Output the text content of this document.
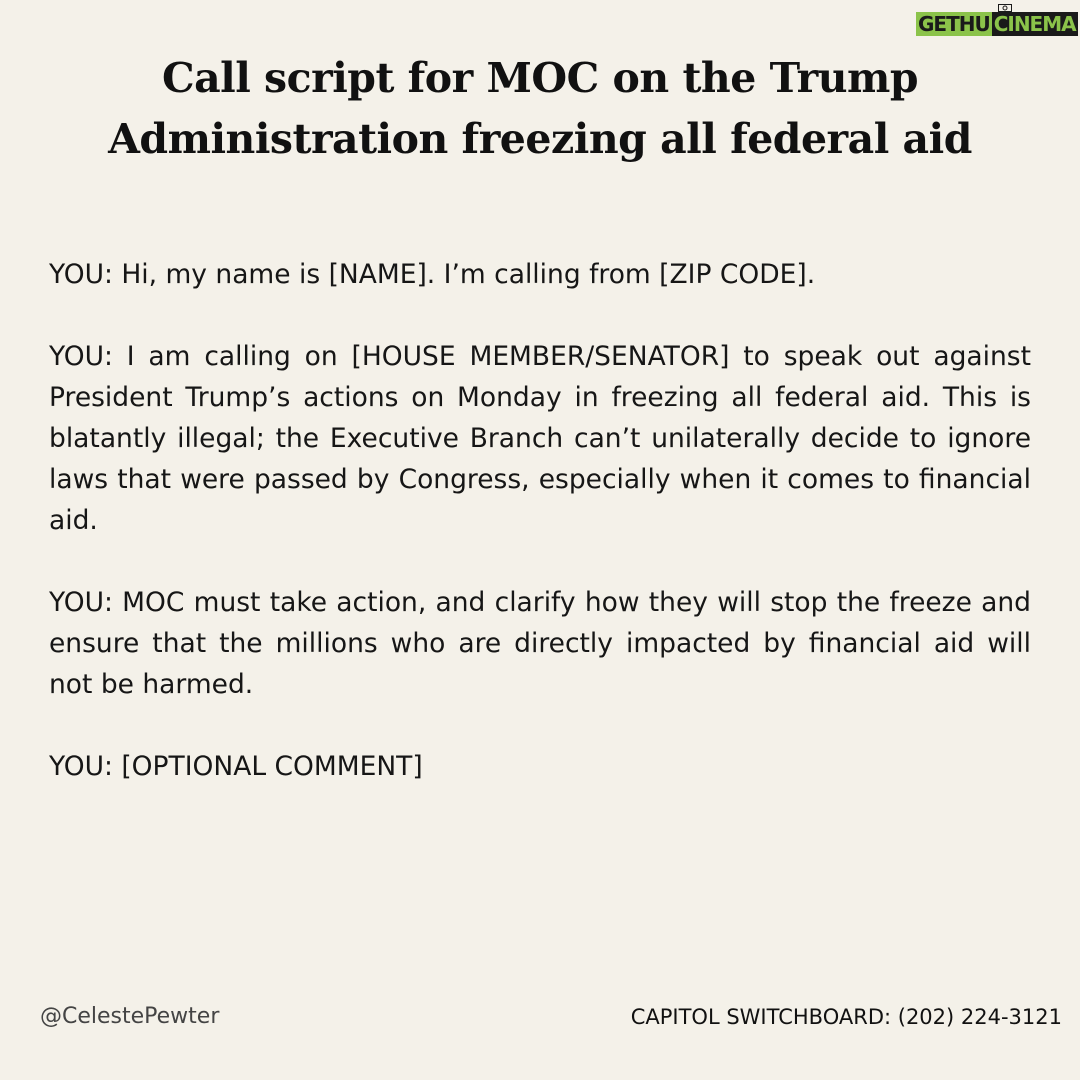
GETHU CINEMA
Call script for MOC on the Trump
Administration freezing all federal aid

YOU: Hi, my name is [NAME]. I’m calling from [ZIP CODE].

YOU: I am calling on [HOUSE MEMBER/SENATOR] to speak out against President Trump’s actions on Monday in freezing all federal aid. This is blatantly illegal; the Executive Branch can’t unilaterally decide to ignore laws that were passed by Congress, especially when it comes to financial aid.

YOU: MOC must take action, and clarify how they will stop the freeze and ensure that the millions who are directly impacted by financial aid will not be harmed.

YOU: [OPTIONAL COMMENT]

@CelestePewter	CAPITOL SWITCHBOARD: (202) 224-3121
